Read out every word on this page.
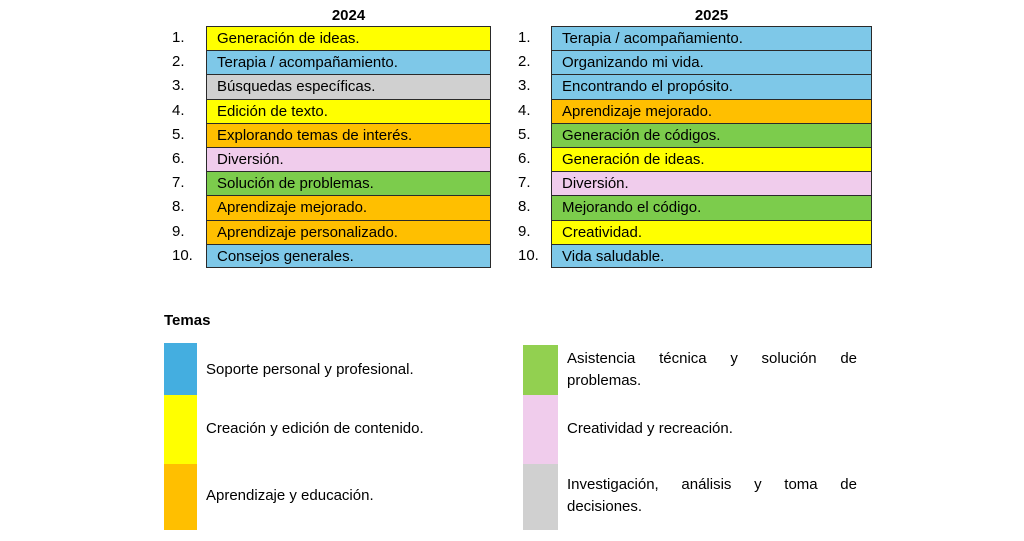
2024
1.	Generación de ideas.
2.	Terapia / acompañamiento.
3.	Búsquedas específicas.
4.	Edición de texto.
5.	Explorando temas de interés.
6.	Diversión.
7.	Solución de problemas.
8.	Aprendizaje mejorado.
9.	Aprendizaje personalizado.
10.	Consejos generales.
2025
1.	Terapia / acompañamiento.
2.	Organizando mi vida.
3.	Encontrando el propósito.
4.	Aprendizaje mejorado.
5.	Generación de códigos.
6.	Generación de ideas.
7.	Diversión.
8.	Mejorando el código.
9.	Creatividad.
10.	Vida saludable.
Temas
Soporte personal y profesional.
Creación y edición de contenido.
Aprendizaje y educación.
Asistencia técnica y solución de problemas.
Creatividad y recreación.
Investigación, análisis y toma de decisiones.
